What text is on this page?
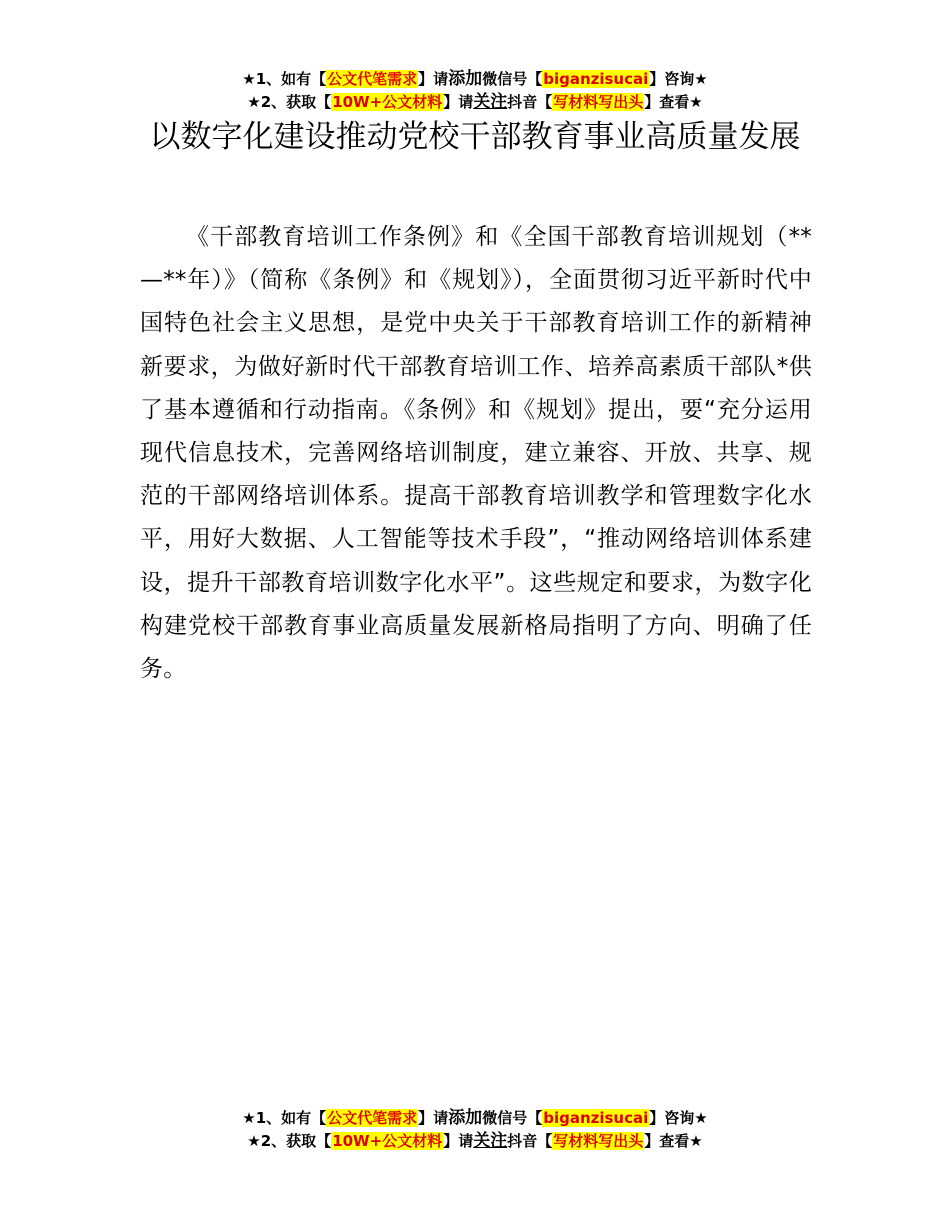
★1、如有【公文代笔需求】请添加微信号【biganzisucai】咨询★
★2、获取【10W+公文材料】请关注抖音【写材料写出头】查看★
以数字化建设推动党校干部教育事业高质量发展

《干部教育培训工作条例》和《全国干部教育培训规划（**—**年）》（简称《条例》和《规划》），全面贯彻习近平新时代中国特色社会主义思想，是党中央关于干部教育培训工作的新精神新要求，为做好新时代干部教育培训工作、培养高素质干部队*供了基本遵循和行动指南。《条例》和《规划》提出，要“充分运用现代信息技术，完善网络培训制度，建立兼容、开放、共享、规范的干部网络培训体系。提高干部教育培训教学和管理数字化水平，用好大数据、人工智能等技术手段”，“推动网络培训体系建设，提升干部教育培训数字化水平”。这些规定和要求，为数字化构建党校干部教育事业高质量发展新格局指明了方向、明确了任务。

★1、如有【公文代笔需求】请添加微信号【biganzisucai】咨询★
★2、获取【10W+公文材料】请关注抖音【写材料写出头】查看★
